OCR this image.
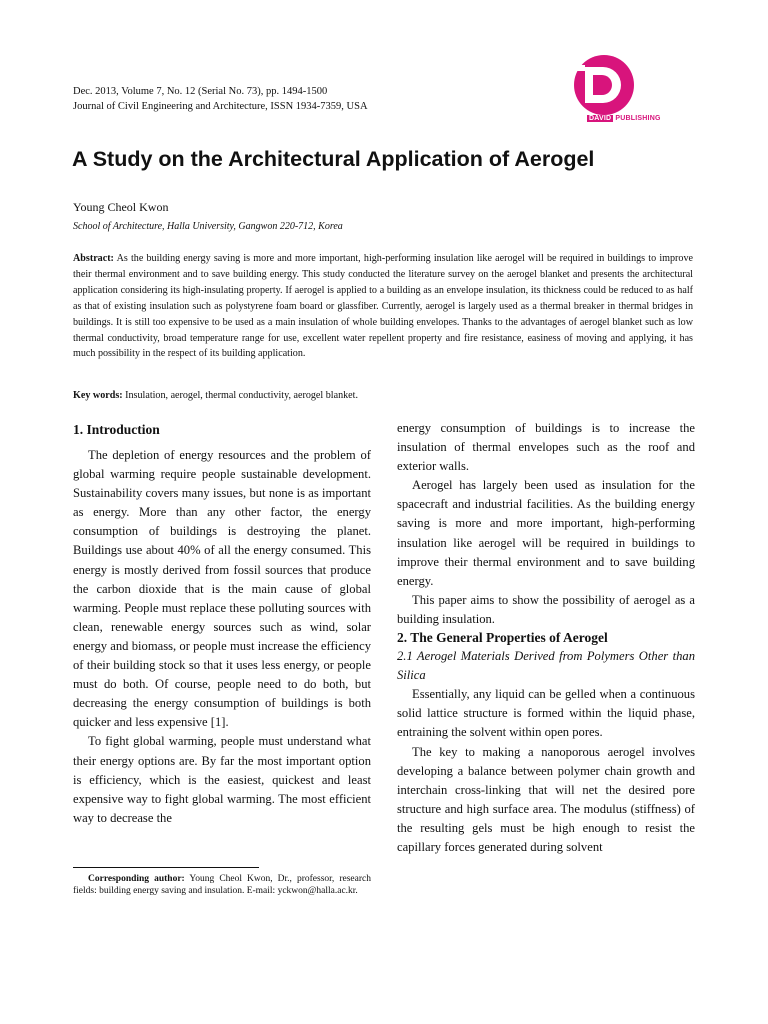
Dec. 2013, Volume 7, No. 12 (Serial No. 73), pp. 1494-1500
Journal of Civil Engineering and Architecture, ISSN 1934-7359, USA
DAVID PUBLISHING
A Study on the Architectural Application of Aerogel
Young Cheol Kwon
School of Architecture, Halla University, Gangwon 220-712, Korea
Abstract: As the building energy saving is more and more important, high-performing insulation like aerogel will be required in buildings to improve their thermal environment and to save building energy. This study conducted the literature survey on the aerogel blanket and presents the architectural application considering its high-insulating property. If aerogel is applied to a building as an envelope insulation, its thickness could be reduced to as half as that of existing insulation such as polystyrene foam board or glassfiber. Currently, aerogel is largely used as a thermal breaker in thermal bridges in buildings. It is still too expensive to be used as a main insulation of whole building envelopes. Thanks to the advantages of aerogel blanket such as low thermal conductivity, broad temperature range for use, excellent water repellent property and fire resistance, easiness of moving and applying, it has much possibility in the respect of its building application.
Key words: Insulation, aerogel, thermal conductivity, aerogel blanket.
1. Introduction

The depletion of energy resources and the problem of global warming require people sustainable development. Sustainability covers many issues, but none is as important as energy. More than any other factor, the energy consumption of buildings is destroying the planet. Buildings use about 40% of all the energy consumed. This energy is mostly derived from fossil sources that produce the carbon dioxide that is the main cause of global warming. People must replace these polluting sources with clean, renewable energy sources such as wind, solar energy and biomass, or people must increase the efficiency of their building stock so that it uses less energy, or people must do both. Of course, people need to do both, but decreasing the energy consumption of buildings is both quicker and less expensive [1].

To fight global warming, people must understand what their energy options are. By far the most important option is efficiency, which is the easiest, quickest and least expensive way to fight global warming. The most efficient way to decrease the

Corresponding author: Young Cheol Kwon, Dr., professor, research fields: building energy saving and insulation. E-mail: yckwon@halla.ac.kr.

energy consumption of buildings is to increase the insulation of thermal envelopes such as the roof and exterior walls.

Aerogel has largely been used as insulation for the spacecraft and industrial facilities. As the building energy saving is more and more important, high-performing insulation like aerogel will be required in buildings to improve their thermal environment and to save building energy.

This paper aims to show the possibility of aerogel as a building insulation.

2. The General Properties of Aerogel

2.1 Aerogel Materials Derived from Polymers Other than Silica

Essentially, any liquid can be gelled when a continuous solid lattice structure is formed within the liquid phase, entraining the solvent within open pores.

The key to making a nanoporous aerogel involves developing a balance between polymer chain growth and interchain cross-linking that will net the desired pore structure and high surface area. The modulus (stiffness) of the resulting gels must be high enough to resist the capillary forces generated during solvent
